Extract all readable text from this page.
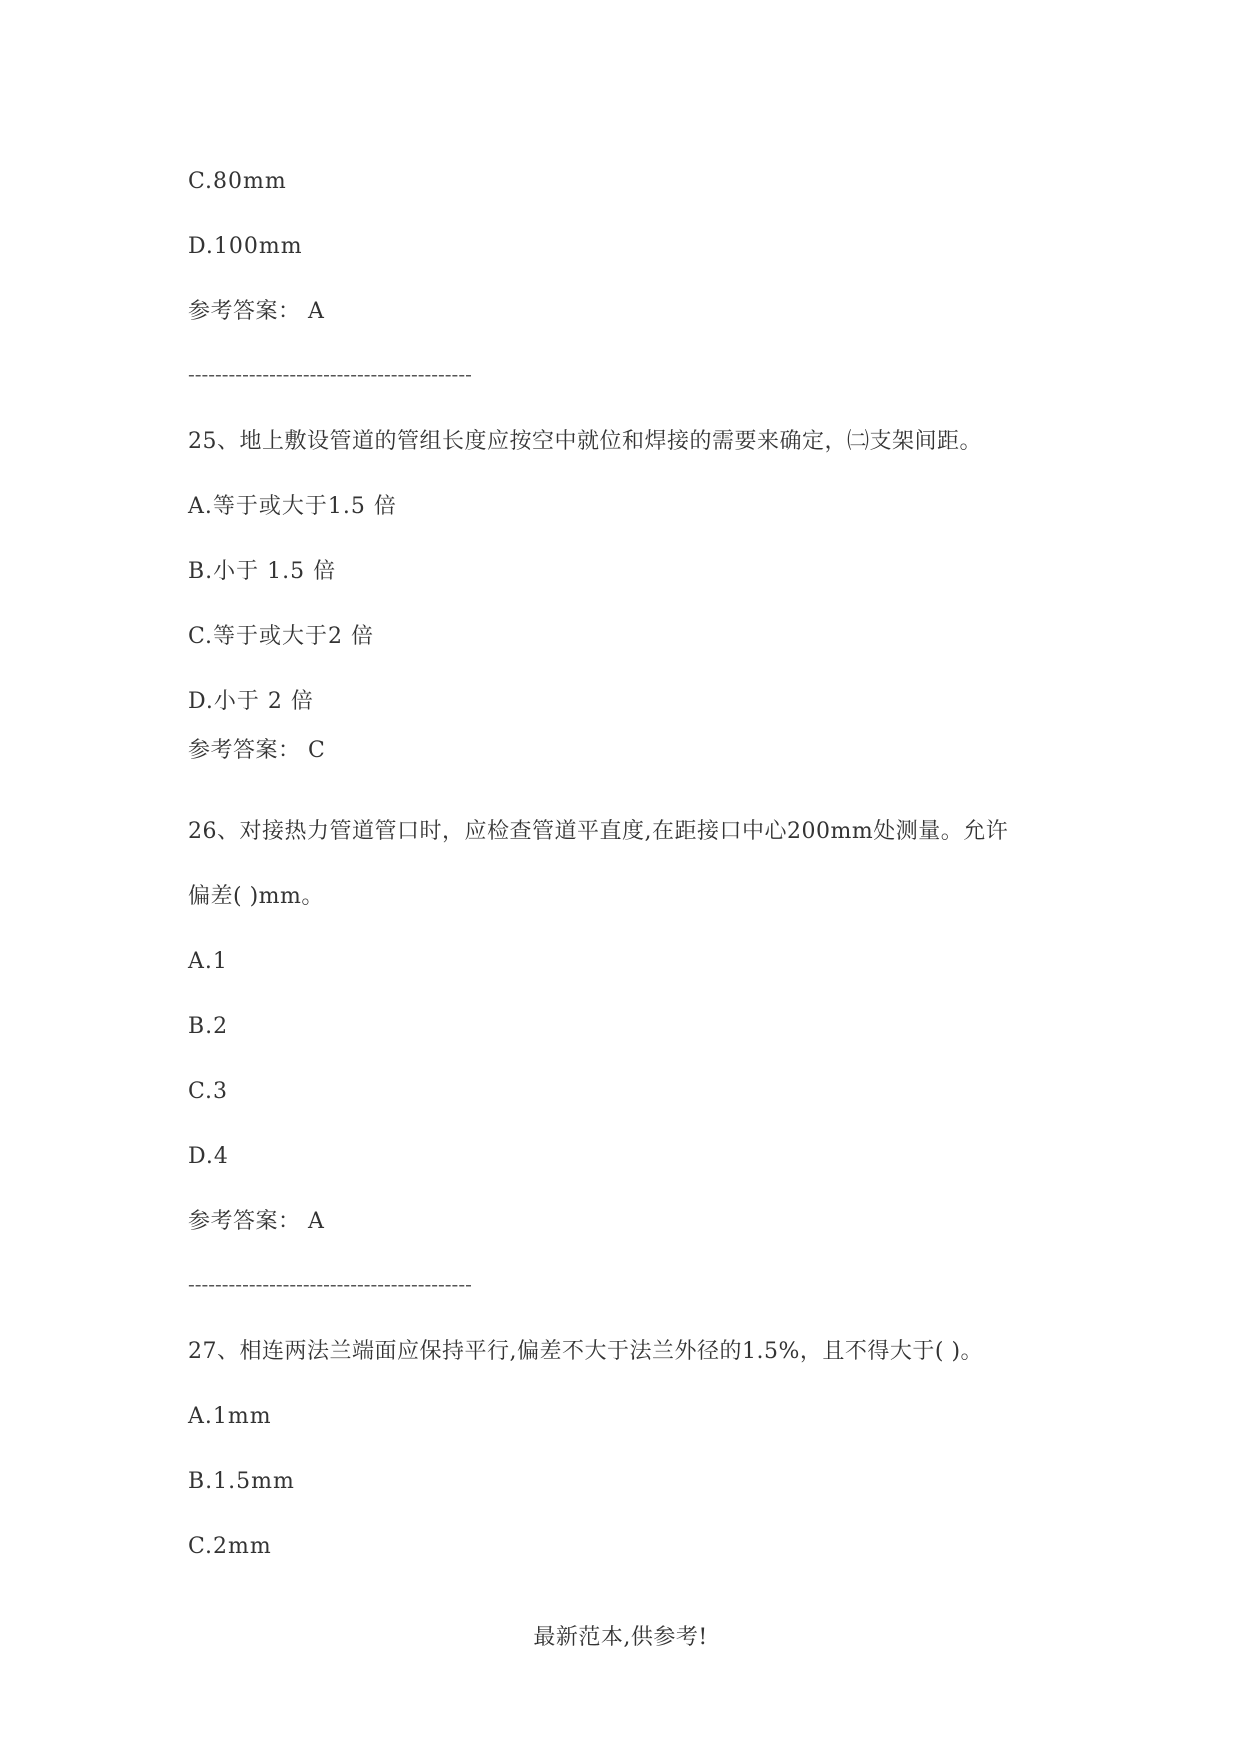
C.80mm
D.100mm
参考答案： A
------------------------------------------
25、地上敷设管道的管组长度应按空中就位和焊接的需要来确定，㈡支架间距。
A.等于或大于1.5 倍
B.小于 1.5 倍
C.等于或大于2 倍
D.小于 2 倍
参考答案： C
26、对接热力管道管口时，应检查管道平直度,在距接口中心200mm处测量。允许
偏差( )mm。
A.1
B.2
C.3
D.4
参考答案： A
------------------------------------------
27、相连两法兰端面应保持平行,偏差不大于法兰外径的1.5%，且不得大于( )。
A.1mm
B.1.5mm
C.2mm
最新范本,供参考!
